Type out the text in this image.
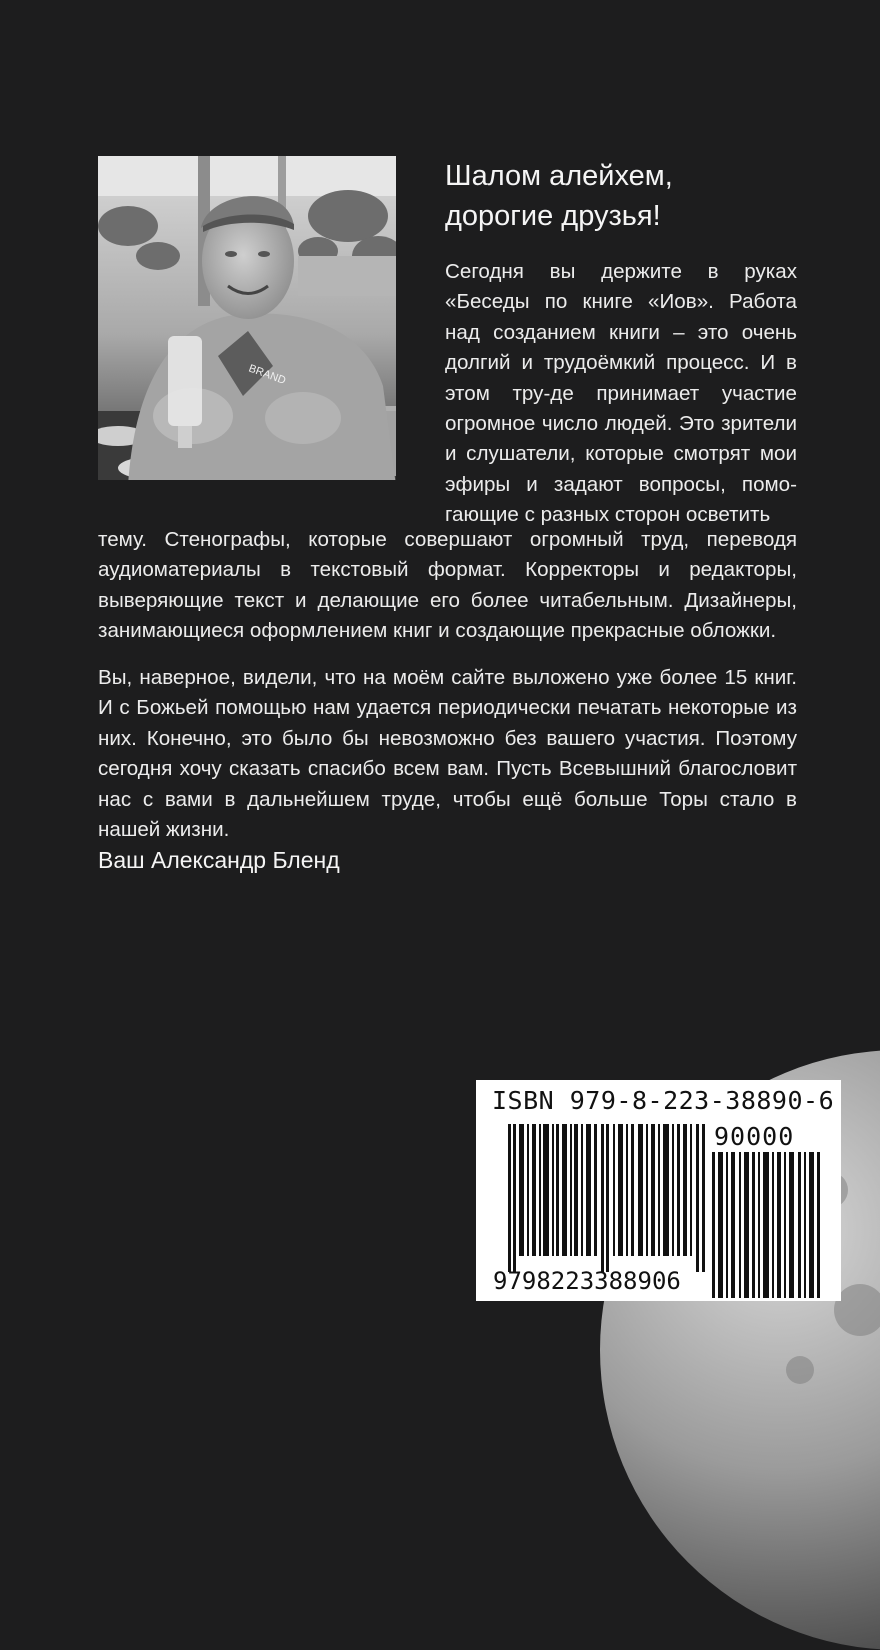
BRAND
Шалом алейхем,
дорогие друзья!

Сегодня вы держите в руках «Беседы по книге «Иов». Работа над созданием книги – это очень долгий и трудоёмкий процесс. И в этом тру-де принимает участие огромное число людей. Это зрители и слушатели, которые смотрят мои эфиры и задают вопросы, помо-гающие с разных сторон осветить

тему. Стенографы, которые совершают огромный труд, переводя аудиоматериалы в текстовый формат. Корректоры и редакторы, выверяющие текст и делающие его более читабельным. Дизайнеры, занимающиеся оформлением книг и создающие прекрасные обложки.

Вы, наверное, видели, что на моём сайте выложено уже более 15 книг. И с Божьей помощью нам удается периодически печатать некоторые из них. Конечно, это было бы невозможно без вашего участия. Поэтому сегодня хочу сказать спасибо всем вам. Пусть Всевышний благословит нас с вами в дальнейшем труде, чтобы ещё больше Торы стало в нашей жизни.

Ваш Александр Бленд
ISBN 979-8-223-38890-6
90000
9798223388906
